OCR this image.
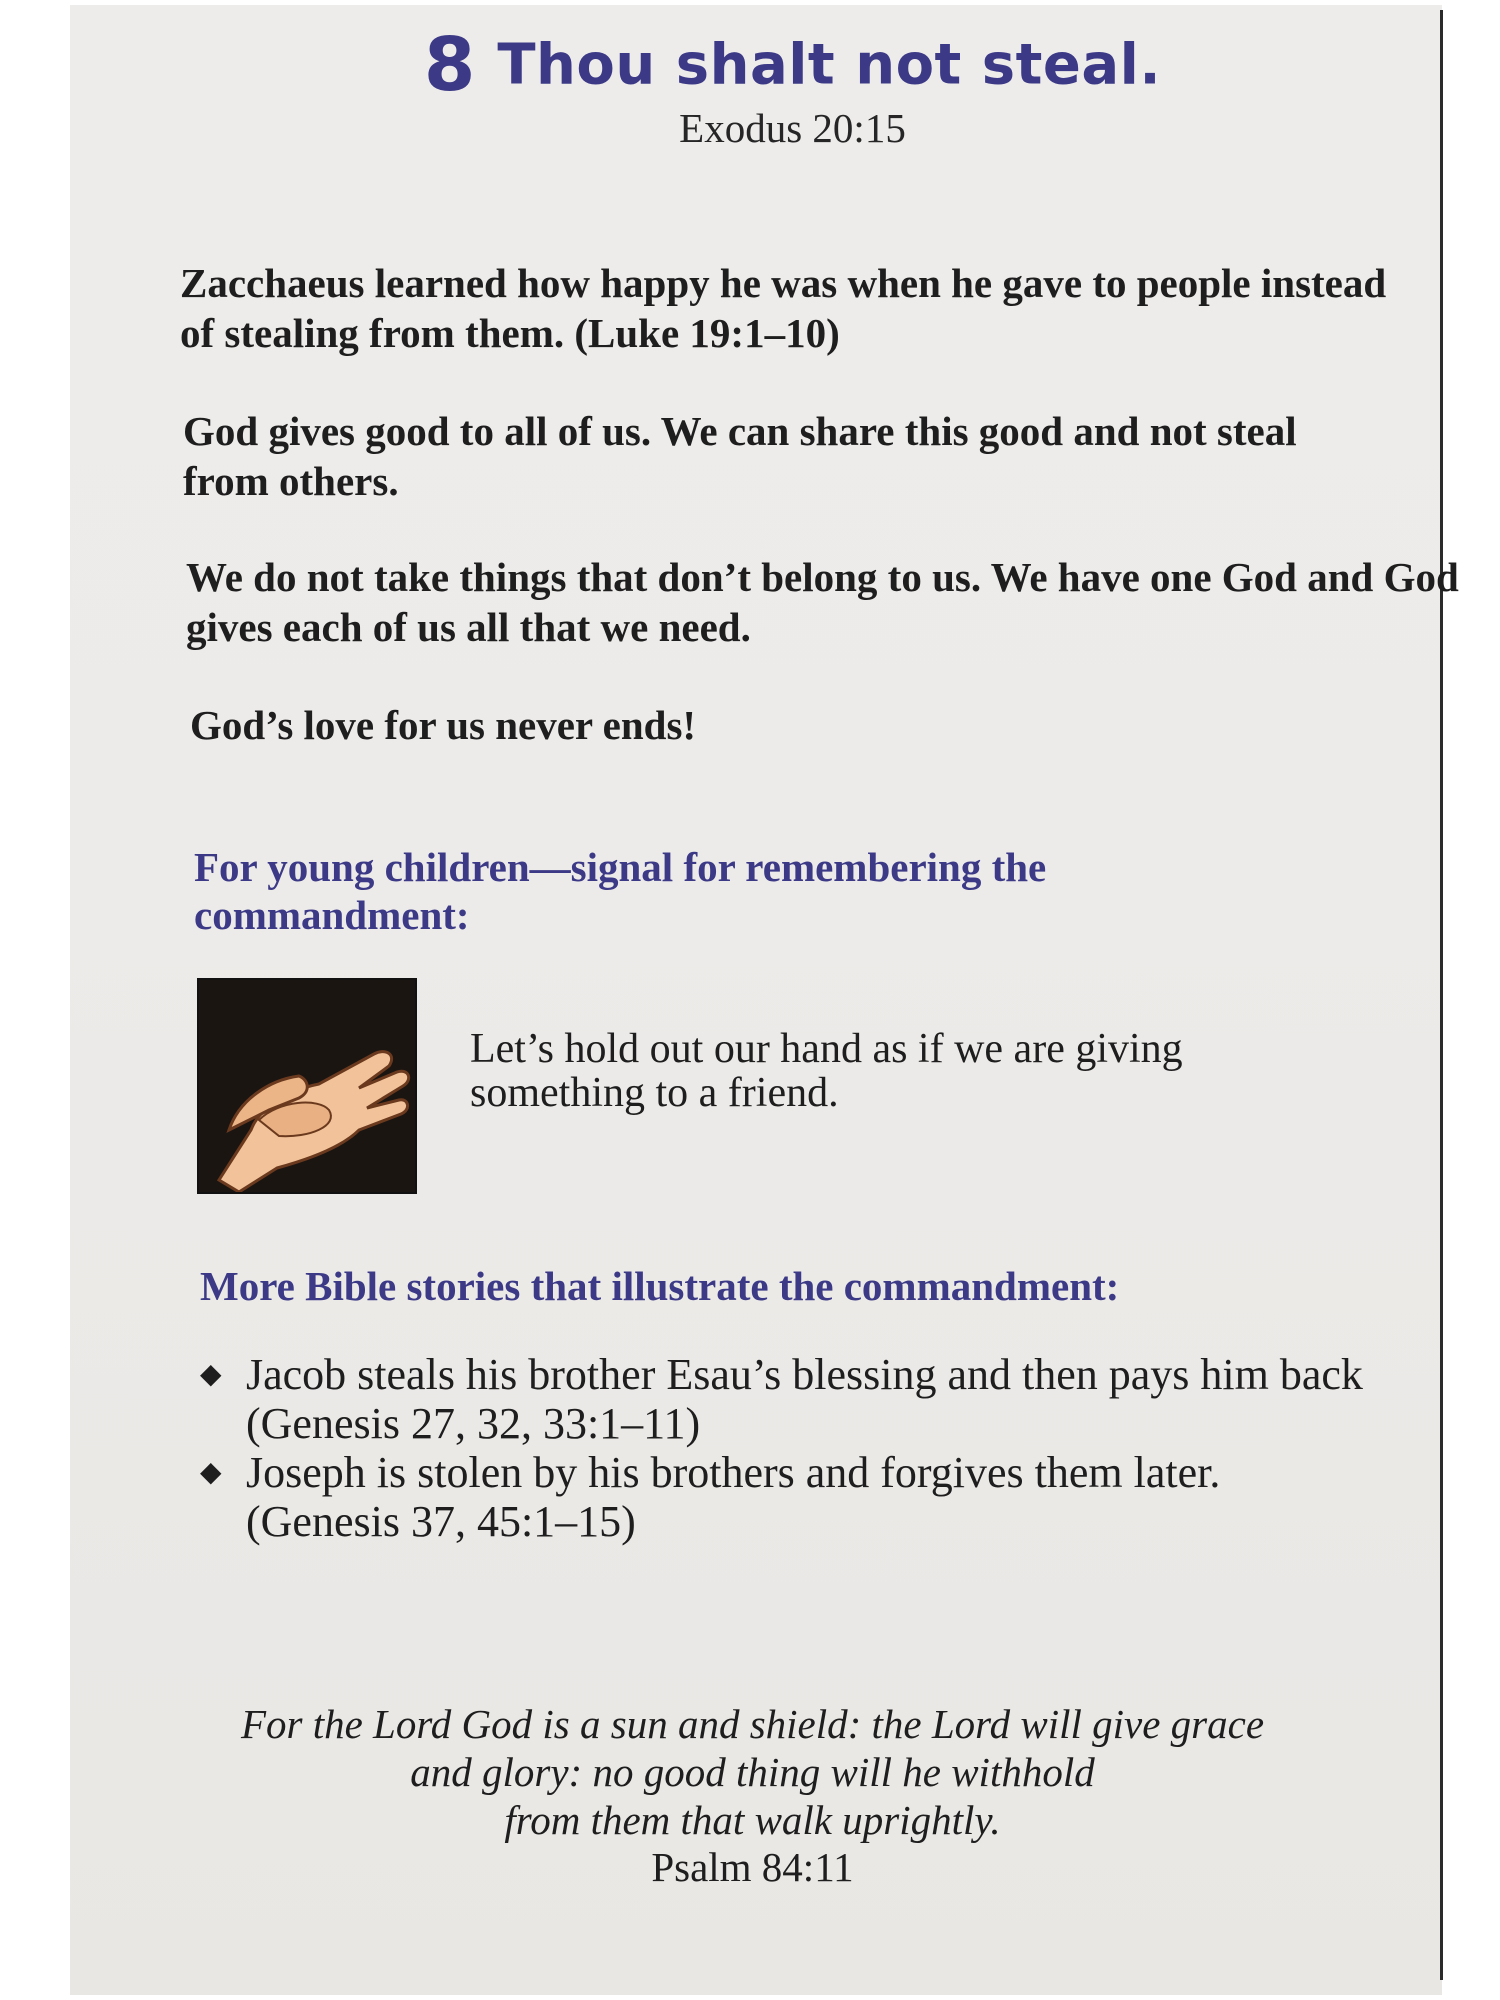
8 Thou shalt not steal.
Exodus 20:15
Zacchaeus learned how happy he was when he gave to people instead of stealing from them. (Luke 19:1–10)
God gives good to all of us. We can share this good and not steal from others.
We do not take things that don’t belong to us. We have one God and God gives each of us all that we need.
God’s love for us never ends!
For young children—signal for remembering the commandment:
Let’s hold out our hand as if we are giving something to a friend.
More Bible stories that illustrate the commandment:
◆ Jacob steals his brother Esau’s blessing and then pays him back
(Genesis 27, 32, 33:1–11)
◆ Joseph is stolen by his brothers and forgives them later.
(Genesis 37, 45:1–15)
For the Lord God is a sun and shield: the Lord will give grace
and glory: no good thing will he withhold
from them that walk uprightly.
Psalm 84:11
